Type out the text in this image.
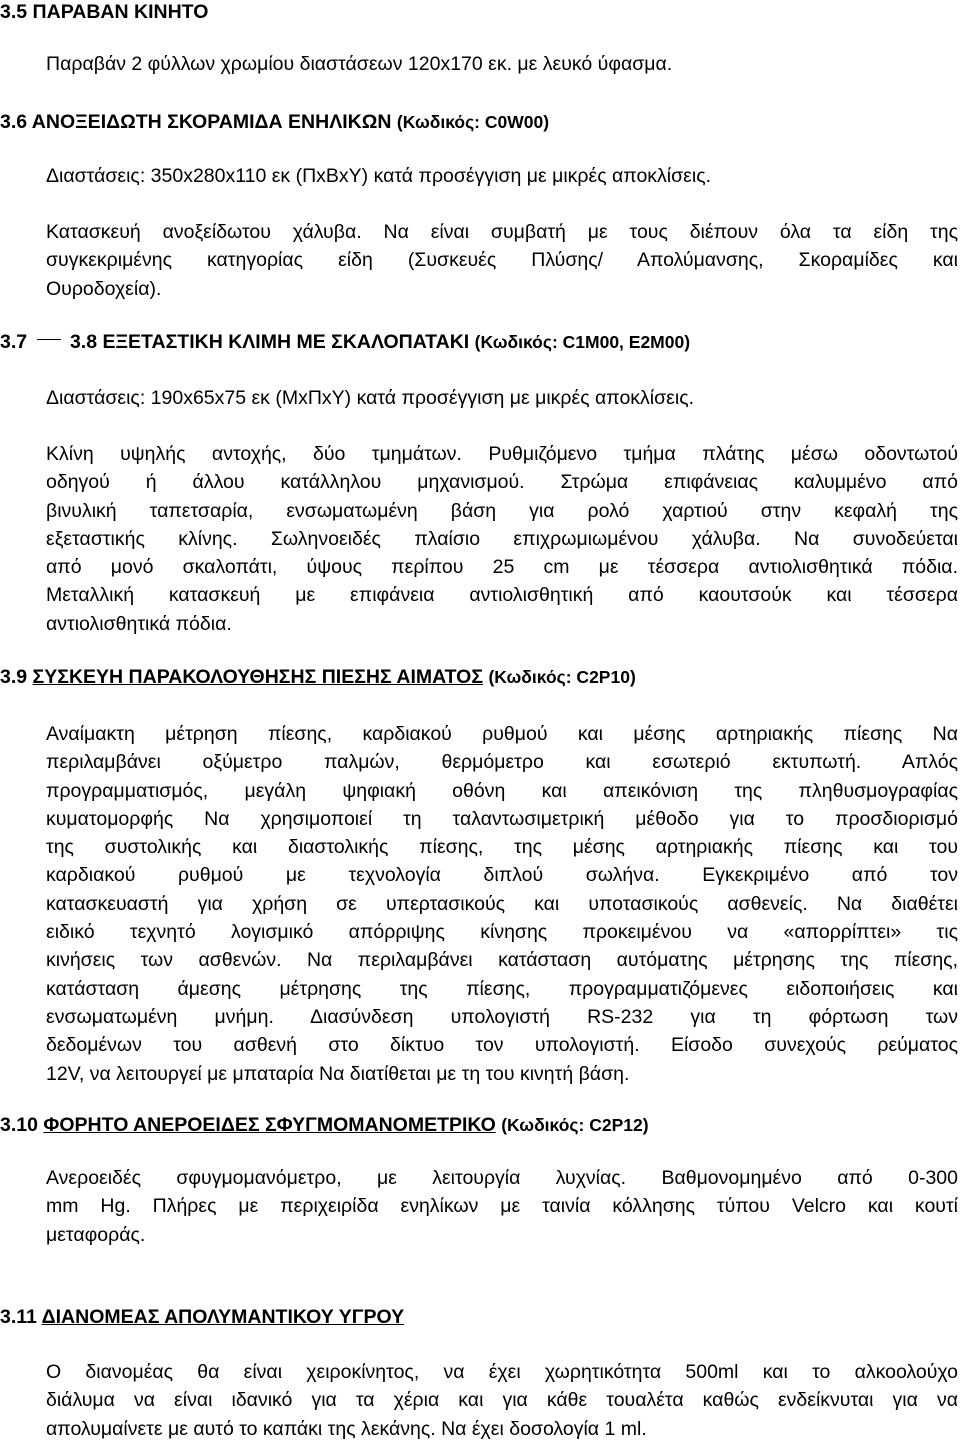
3.5 ΠΑΡΑΒΑΝ ΚΙΝΗΤΟ
Παραβάν 2 φύλλων χρωμίου διαστάσεων 120x170 εκ. με λευκό ύφασμα.
3.6 ΑΝΟΞΕΙΔΩΤΗ ΣΚΟΡΑΜΙΔΑ ΕΝΗΛΙΚΩΝ (Κωδικός: C0W00)
Διαστάσεις: 350x280x110 εκ (ΠxBxY) κατά προσέγγιση με μικρές αποκλίσεις.
Κατασκευή ανοξείδωτου χάλυβα. Να είναι συμβατή με τους διέπουν όλα τα είδη της
συγκεκριμένης κατηγορίας είδη (Συσκευές Πλύσης/ Απολύμανσης, Σκοραμίδες και
Ουροδοχεία).
3.7 3.8 ΕΞΕΤΑΣΤΙΚΗ ΚΛΙΜΗ ΜΕ ΣΚΑΛΟΠΑΤΑΚΙ (Κωδικός: C1M00, E2M00)
Διαστάσεις: 190x65x75 εκ (ΜxΠxΥ) κατά προσέγγιση με μικρές αποκλίσεις.
Κλίνη υψηλής αντοχής, δύο τμημάτων. Ρυθμιζόμενο τμήμα πλάτης μέσω οδοντωτού
οδηγού ή άλλου κατάλληλου μηχανισμού. Στρώμα επιφάνειας καλυμμένο από
βινυλική ταπετσαρία, ενσωματωμένη βάση για ρολό χαρτιού στην κεφαλή της
εξεταστικής κλίνης. Σωληνοειδές πλαίσιο επιχρωμιωμένου χάλυβα. Να συνοδεύεται
από μονό σκαλοπάτι, ύψους περίπου 25 cm με τέσσερα αντιολισθητικά πόδια.
Μεταλλική κατασκευή με επιφάνεια αντιολισθητική από καουτσούκ και τέσσερα
αντιολισθητικά πόδια.
3.9 ΣΥΣΚΕΥΗ ΠΑΡΑΚΟΛΟΥΘΗΣΗΣ ΠΙΕΣΗΣ ΑΙΜΑΤΟΣ (Κωδικός: C2P10)
Αναίμακτη μέτρηση πίεσης, καρδιακού ρυθμού και μέσης αρτηριακής πίεσης Να
περιλαμβάνει οξύμετρο παλμών, θερμόμετρο και εσωτεριό εκτυπωτή. Απλός
προγραμματισμός, μεγάλη ψηφιακή οθόνη και απεικόνιση της πληθυσμογραφίας
κυματομορφής Να χρησιμοποιεί τη ταλαντωσιμετρική μέθοδο για το προσδιορισμό
της συστολικής και διαστολικής πίεσης, της μέσης αρτηριακής πίεσης και του
καρδιακού ρυθμού με τεχνολογία διπλού σωλήνα. Εγκεκριμένο από τον
κατασκευαστή για χρήση σε υπερτασικούς και υποτασικούς ασθενείς. Να διαθέτει
ειδικό τεχνητό λογισμικό απόρριψης κίνησης προκειμένου να «απορρίπτει» τις
κινήσεις των ασθενών. Να περιλαμβάνει κατάσταση αυτόματης μέτρησης της πίεσης,
κατάσταση άμεσης μέτρησης της πίεσης, προγραμματιζόμενες ειδοποιήσεις και
ενσωματωμένη μνήμη. Διασύνδεση υπολογιστή RS-232 για τη φόρτωση των
δεδομένων του ασθενή στο δίκτυο τον υπολογιστή. Είσοδο συνεχούς ρεύματος
12V, να λειτουργεί με μπαταρία Να διατίθεται με τη του κινητή βάση.
3.10 ΦΟΡΗΤΟ ΑΝΕΡΟΕΙΔΕΣ ΣΦΥΓΜΟΜΑΝΟΜΕΤΡΙΚΟ (Κωδικός: C2P12)
Ανεροειδές σφυγμομανόμετρο, με λειτουργία λυχνίας. Βαθμονομημένο από 0-300
mm Hg. Πλήρες με περιχειρίδα ενηλίκων με ταινία κόλλησης τύπου Velcro και κουτί
μεταφοράς.
3.11 ΔΙΑΝΟΜΕΑΣ ΑΠΟΛΥΜΑΝΤΙΚΟΥ ΥΓΡΟΥ
Ο διανομέας θα είναι χειροκίνητος, να έχει χωρητικότητα 500ml και το αλκοολούχο
διάλυμα να είναι ιδανικό για τα χέρια και για κάθε τουαλέτα καθώς ενδείκνυται για να
απολυμαίνετε με αυτό το καπάκι της λεκάνης. Να έχει δοσολογία 1 ml.
